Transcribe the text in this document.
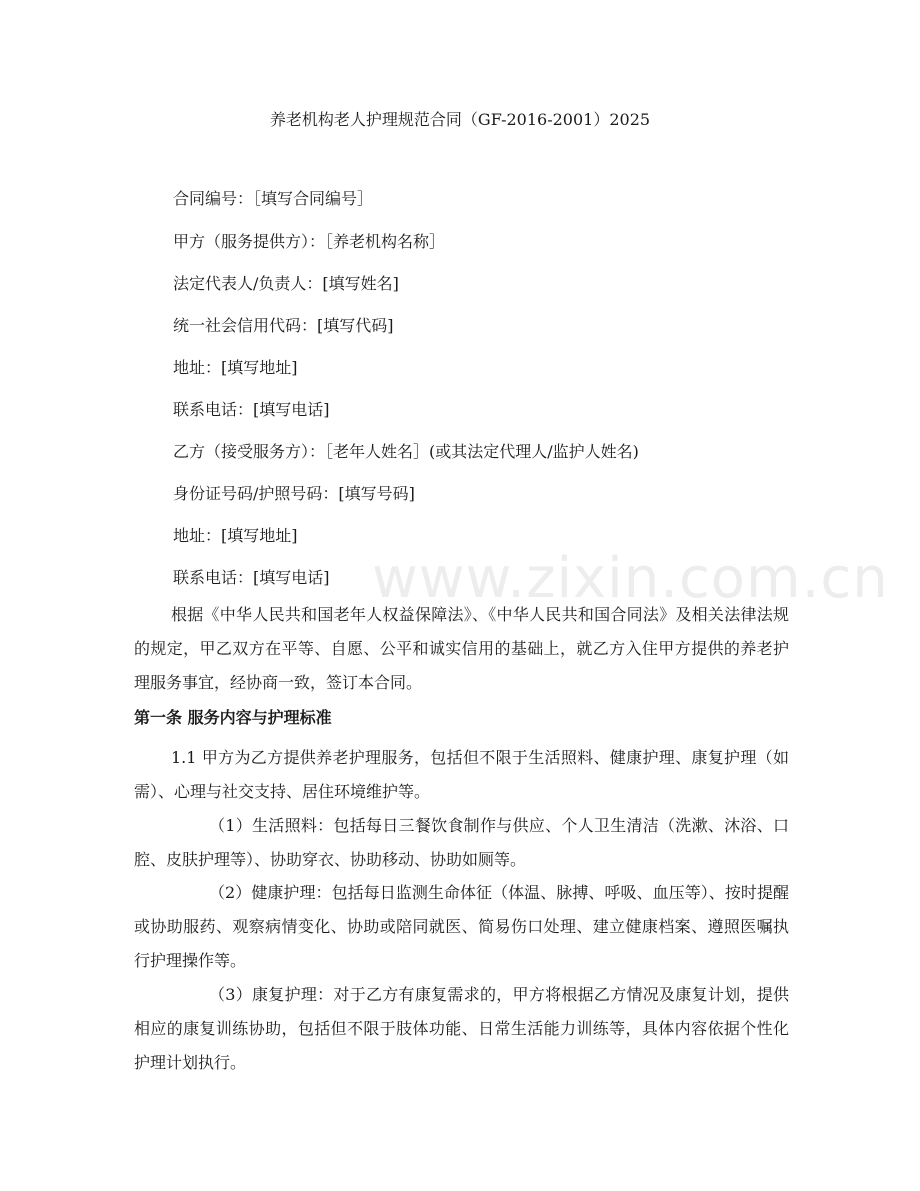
养老机构老人护理规范合同（GF-2016-2001）2025
合同编号：［填写合同编号］
甲方（服务提供方）：［养老机构名称］
法定代表人/负责人：[填写姓名]
统一社会信用代码：[填写代码]
地址：[填写地址]
联系电话：[填写电话]
乙方（接受服务方）：［老年人姓名］(或其法定代理人/监护人姓名)
身份证号码/护照号码：[填写号码]
地址：[填写地址]
联系电话：[填写电话]
根据《中华人民共和国老年人权益保障法》、《中华人民共和国合同法》及相关法律法规的规定，甲乙双方在平等、自愿、公平和诚实信用的基础上，就乙方入住甲方提供的养老护理服务事宜，经协商一致，签订本合同。
第一条 服务内容与护理标准
1.1 甲方为乙方提供养老护理服务，包括但不限于生活照料、健康护理、康复护理（如需）、心理与社交支持、居住环境维护等。
（1）生活照料：包括每日三餐饮食制作与供应、个人卫生清洁（洗漱、沐浴、口腔、皮肤护理等）、协助穿衣、协助移动、协助如厕等。
（2）健康护理：包括每日监测生命体征（体温、脉搏、呼吸、血压等）、按时提醒或协助服药、观察病情变化、协助或陪同就医、简易伤口处理、建立健康档案、遵照医嘱执行护理操作等。
（3）康复护理：对于乙方有康复需求的，甲方将根据乙方情况及康复计划，提供相应的康复训练协助，包括但不限于肢体功能、日常生活能力训练等，具体内容依据个性化护理计划执行。
www.zixin.com.cn
